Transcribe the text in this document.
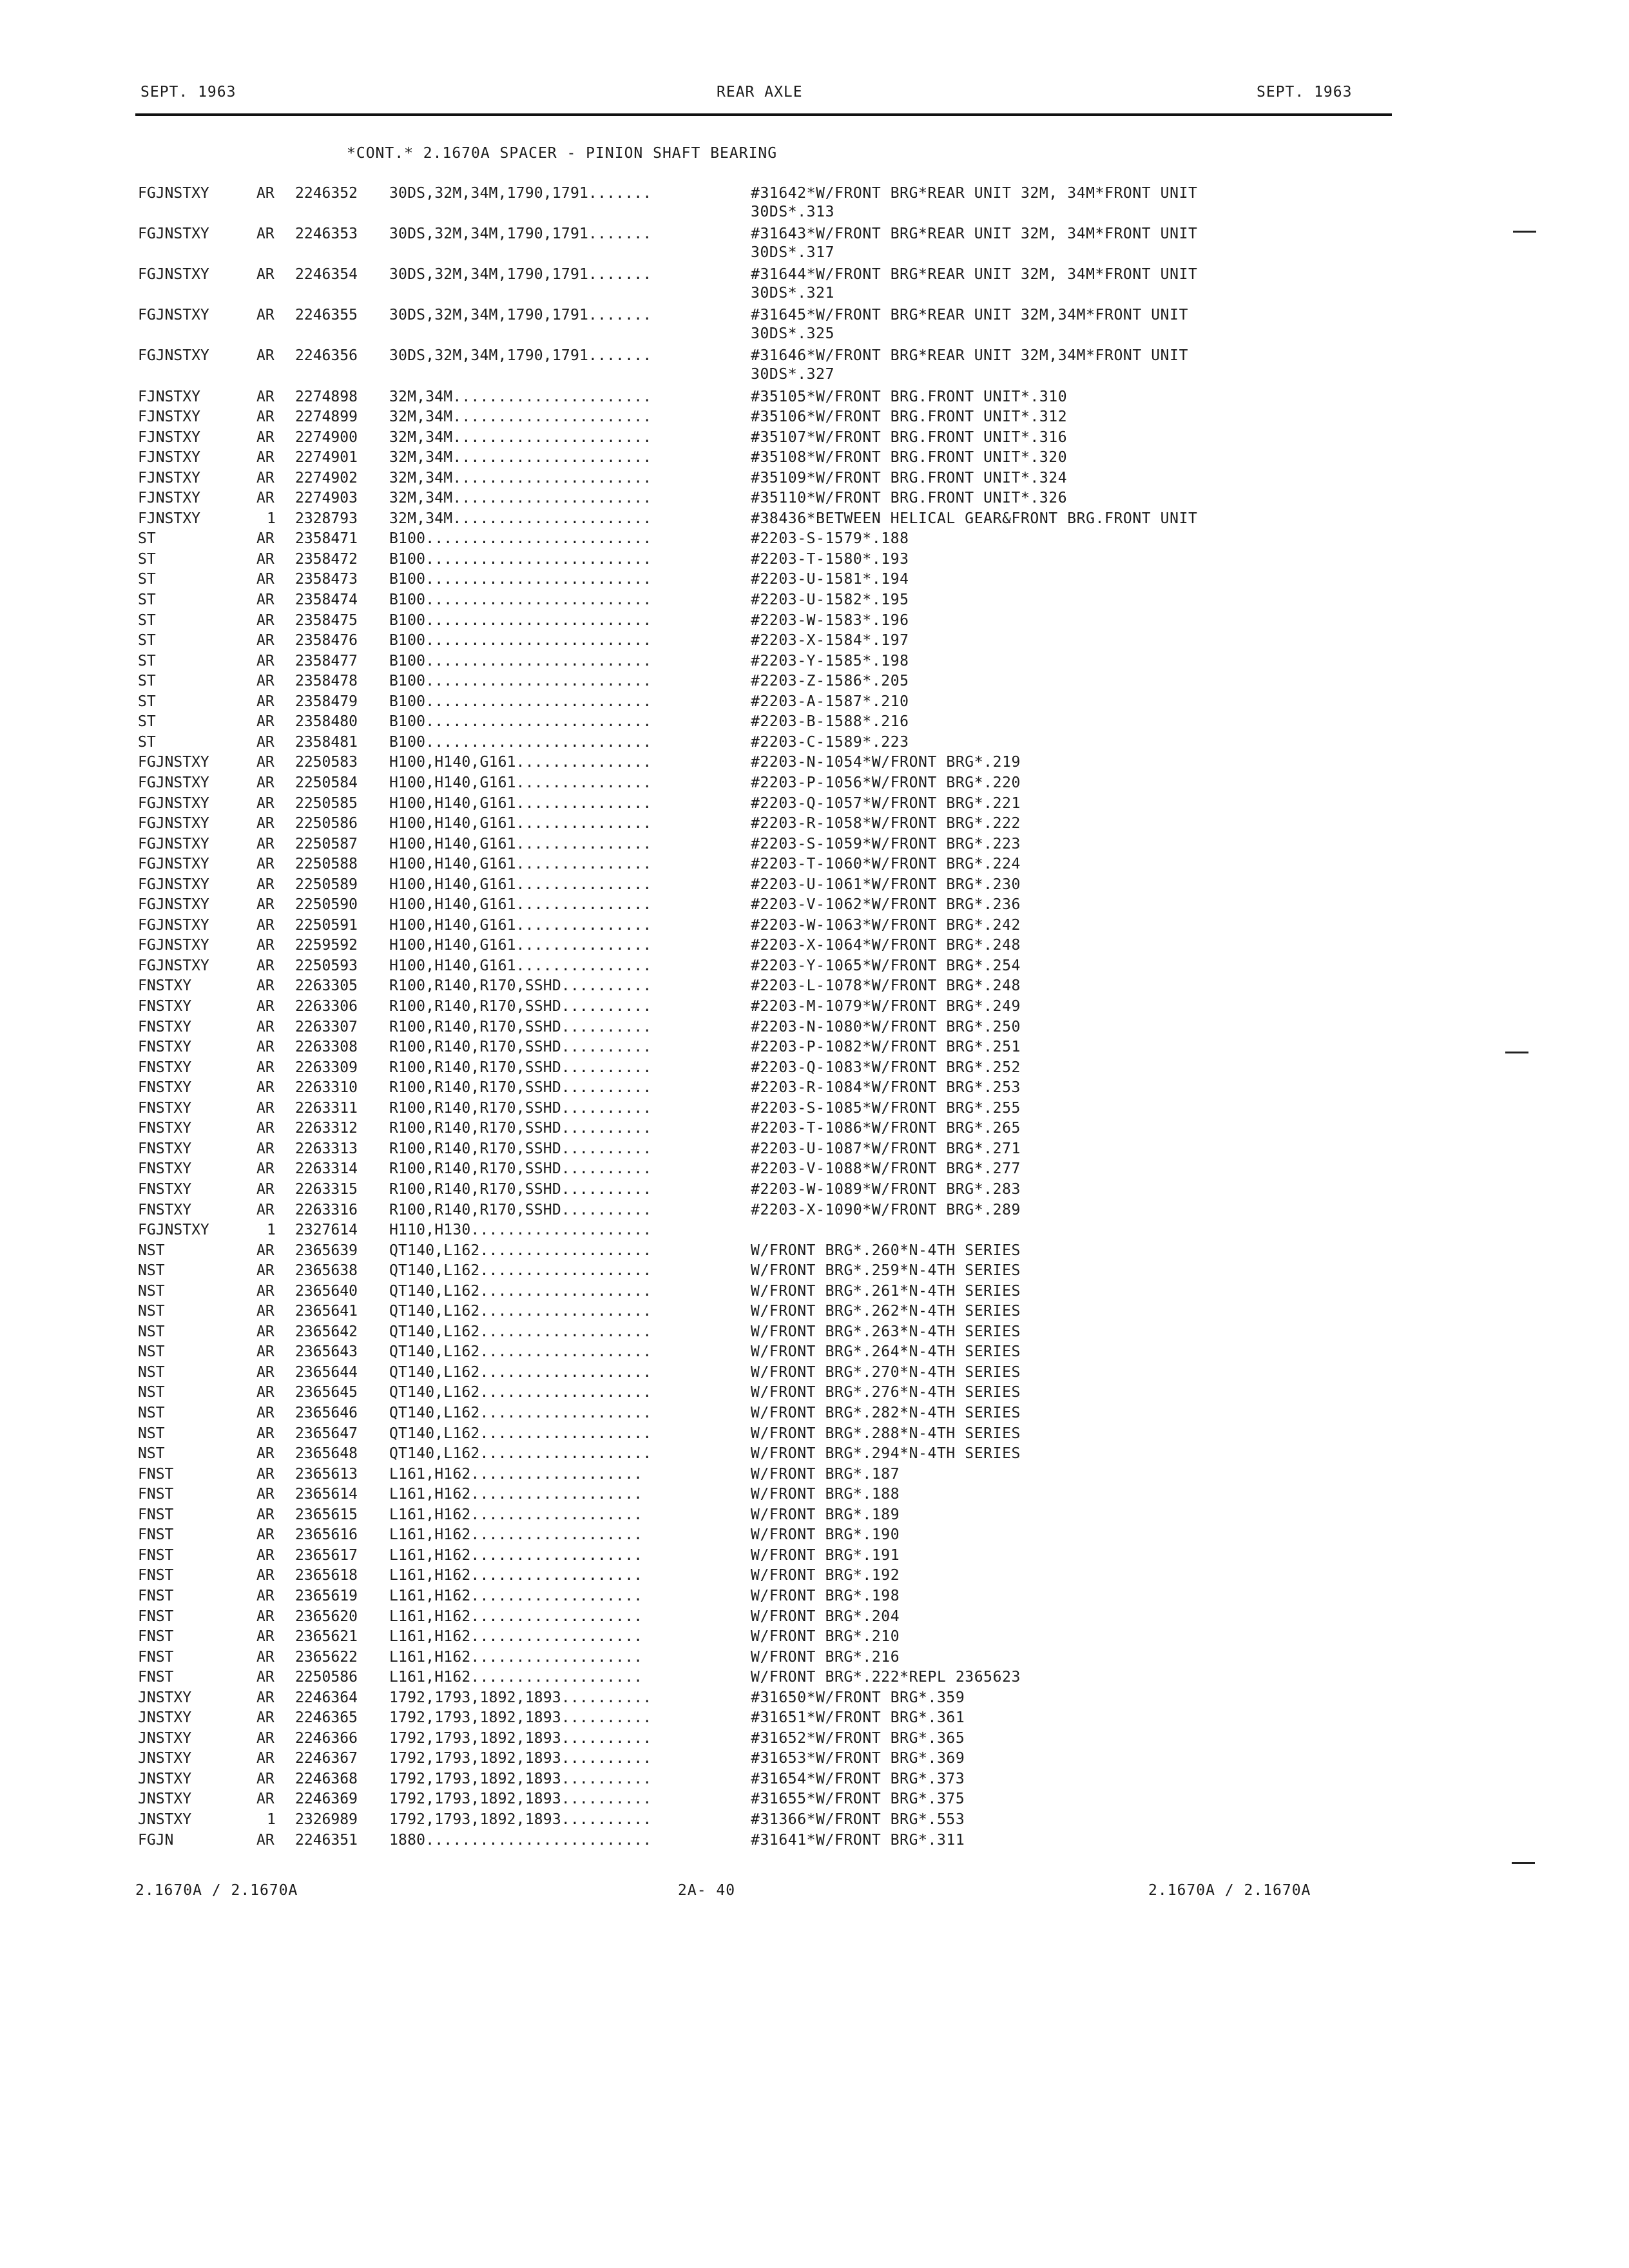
SEPT. 1963	REAR AXLE	SEPT. 1963
*CONT.* 2.1670A SPACER - PINION SHAFT BEARING
FGJNSTXY	AR 2246352 30DS,32M,34M,1790,1791.......	#31642*W/FRONT BRG*REAR UNIT 32M, 34M*FRONT UNIT
30DS*.313
FGJNSTXY	AR 2246353 30DS,32M,34M,1790,1791.......	#31643*W/FRONT BRG*REAR UNIT 32M, 34M*FRONT UNIT
30DS*.317
FGJNSTXY	AR 2246354 30DS,32M,34M,1790,1791.......	#31644*W/FRONT BRG*REAR UNIT 32M, 34M*FRONT UNIT
30DS*.321
FGJNSTXY	AR 2246355 30DS,32M,34M,1790,1791.......	#31645*W/FRONT BRG*REAR UNIT 32M,34M*FRONT UNIT
30DS*.325
FGJNSTXY	AR 2246356 30DS,32M,34M,1790,1791.......	#31646*W/FRONT BRG*REAR UNIT 32M,34M*FRONT UNIT
30DS*.327
FJNSTXY	AR 2274898 32M,34M......................	#35105*W/FRONT BRG.FRONT UNIT*.310
FJNSTXY	AR 2274899 32M,34M......................	#35106*W/FRONT BRG.FRONT UNIT*.312
FJNSTXY	AR 2274900 32M,34M......................	#35107*W/FRONT BRG.FRONT UNIT*.316
FJNSTXY	AR 2274901 32M,34M......................	#35108*W/FRONT BRG.FRONT UNIT*.320
FJNSTXY	AR 2274902 32M,34M......................	#35109*W/FRONT BRG.FRONT UNIT*.324
FJNSTXY	AR 2274903 32M,34M......................	#35110*W/FRONT BRG.FRONT UNIT*.326
FJNSTXY	1 2328793 32M,34M......................	#38436*BETWEEN HELICAL GEAR&FRONT BRG.FRONT UNIT
ST	AR 2358471 B100.........................	#2203-S-1579*.188
ST	AR 2358472 B100.........................	#2203-T-1580*.193
ST	AR 2358473 B100.........................	#2203-U-1581*.194
ST	AR 2358474 B100.........................	#2203-U-1582*.195
ST	AR 2358475 B100.........................	#2203-W-1583*.196
ST	AR 2358476 B100.........................	#2203-X-1584*.197
ST	AR 2358477 B100.........................	#2203-Y-1585*.198
ST	AR 2358478 B100.........................	#2203-Z-1586*.205
ST	AR 2358479 B100.........................	#2203-A-1587*.210
ST	AR 2358480 B100.........................	#2203-B-1588*.216
ST	AR 2358481 B100.........................	#2203-C-1589*.223
FGJNSTXY	AR 2250583 H100,H140,G161...............	#2203-N-1054*W/FRONT BRG*.219
FGJNSTXY	AR 2250584 H100,H140,G161...............	#2203-P-1056*W/FRONT BRG*.220
FGJNSTXY	AR 2250585 H100,H140,G161...............	#2203-Q-1057*W/FRONT BRG*.221
FGJNSTXY	AR 2250586 H100,H140,G161...............	#2203-R-1058*W/FRONT BRG*.222
FGJNSTXY	AR 2250587 H100,H140,G161...............	#2203-S-1059*W/FRONT BRG*.223
FGJNSTXY	AR 2250588 H100,H140,G161...............	#2203-T-1060*W/FRONT BRG*.224
FGJNSTXY	AR 2250589 H100,H140,G161...............	#2203-U-1061*W/FRONT BRG*.230
FGJNSTXY	AR 2250590 H100,H140,G161...............	#2203-V-1062*W/FRONT BRG*.236
FGJNSTXY	AR 2250591 H100,H140,G161...............	#2203-W-1063*W/FRONT BRG*.242
FGJNSTXY	AR 2259592 H100,H140,G161...............	#2203-X-1064*W/FRONT BRG*.248
FGJNSTXY	AR 2250593 H100,H140,G161...............	#2203-Y-1065*W/FRONT BRG*.254
FNSTXY	AR 2263305 R100,R140,R170,SSHD..........	#2203-L-1078*W/FRONT BRG*.248
FNSTXY	AR 2263306 R100,R140,R170,SSHD..........	#2203-M-1079*W/FRONT BRG*.249
FNSTXY	AR 2263307 R100,R140,R170,SSHD..........	#2203-N-1080*W/FRONT BRG*.250
FNSTXY	AR 2263308 R100,R140,R170,SSHD..........	#2203-P-1082*W/FRONT BRG*.251
FNSTXY	AR 2263309 R100,R140,R170,SSHD..........	#2203-Q-1083*W/FRONT BRG*.252
FNSTXY	AR 2263310 R100,R140,R170,SSHD..........	#2203-R-1084*W/FRONT BRG*.253
FNSTXY	AR 2263311 R100,R140,R170,SSHD..........	#2203-S-1085*W/FRONT BRG*.255
FNSTXY	AR 2263312 R100,R140,R170,SSHD..........	#2203-T-1086*W/FRONT BRG*.265
FNSTXY	AR 2263313 R100,R140,R170,SSHD..........	#2203-U-1087*W/FRONT BRG*.271
FNSTXY	AR 2263314 R100,R140,R170,SSHD..........	#2203-V-1088*W/FRONT BRG*.277
FNSTXY	AR 2263315 R100,R140,R170,SSHD..........	#2203-W-1089*W/FRONT BRG*.283
FNSTXY	AR 2263316 R100,R140,R170,SSHD..........	#2203-X-1090*W/FRONT BRG*.289
FGJNSTXY	1 2327614 H110,H130....................
NST	AR 2365639 QT140,L162...................	W/FRONT BRG*.260*N-4TH SERIES
NST	AR 2365638 QT140,L162...................	W/FRONT BRG*.259*N-4TH SERIES
NST	AR 2365640 QT140,L162...................	W/FRONT BRG*.261*N-4TH SERIES
NST	AR 2365641 QT140,L162...................	W/FRONT BRG*.262*N-4TH SERIES
NST	AR 2365642 QT140,L162...................	W/FRONT BRG*.263*N-4TH SERIES
NST	AR 2365643 QT140,L162...................	W/FRONT BRG*.264*N-4TH SERIES
NST	AR 2365644 QT140,L162...................	W/FRONT BRG*.270*N-4TH SERIES
NST	AR 2365645 QT140,L162...................	W/FRONT BRG*.276*N-4TH SERIES
NST	AR 2365646 QT140,L162...................	W/FRONT BRG*.282*N-4TH SERIES
NST	AR 2365647 QT140,L162...................	W/FRONT BRG*.288*N-4TH SERIES
NST	AR 2365648 QT140,L162...................	W/FRONT BRG*.294*N-4TH SERIES
FNST	AR 2365613 L161,H162...................	W/FRONT BRG*.187
FNST	AR 2365614 L161,H162...................	W/FRONT BRG*.188
FNST	AR 2365615 L161,H162...................	W/FRONT BRG*.189
FNST	AR 2365616 L161,H162...................	W/FRONT BRG*.190
FNST	AR 2365617 L161,H162...................	W/FRONT BRG*.191
FNST	AR 2365618 L161,H162...................	W/FRONT BRG*.192
FNST	AR 2365619 L161,H162...................	W/FRONT BRG*.198
FNST	AR 2365620 L161,H162...................	W/FRONT BRG*.204
FNST	AR 2365621 L161,H162...................	W/FRONT BRG*.210
FNST	AR 2365622 L161,H162...................	W/FRONT BRG*.216
FNST	AR 2250586 L161,H162...................	W/FRONT BRG*.222*REPL 2365623
JNSTXY	AR 2246364 1792,1793,1892,1893..........	#31650*W/FRONT BRG*.359
JNSTXY	AR 2246365 1792,1793,1892,1893..........	#31651*W/FRONT BRG*.361
JNSTXY	AR 2246366 1792,1793,1892,1893..........	#31652*W/FRONT BRG*.365
JNSTXY	AR 2246367 1792,1793,1892,1893..........	#31653*W/FRONT BRG*.369
JNSTXY	AR 2246368 1792,1793,1892,1893..........	#31654*W/FRONT BRG*.373
JNSTXY	AR 2246369 1792,1793,1892,1893..........	#31655*W/FRONT BRG*.375
JNSTXY	1 2326989 1792,1793,1892,1893..........	#31366*W/FRONT BRG*.553
FGJN	AR 2246351 1880.........................	#31641*W/FRONT BRG*.311
2.1670A / 2.1670A	2A- 40	2.1670A / 2.1670A
